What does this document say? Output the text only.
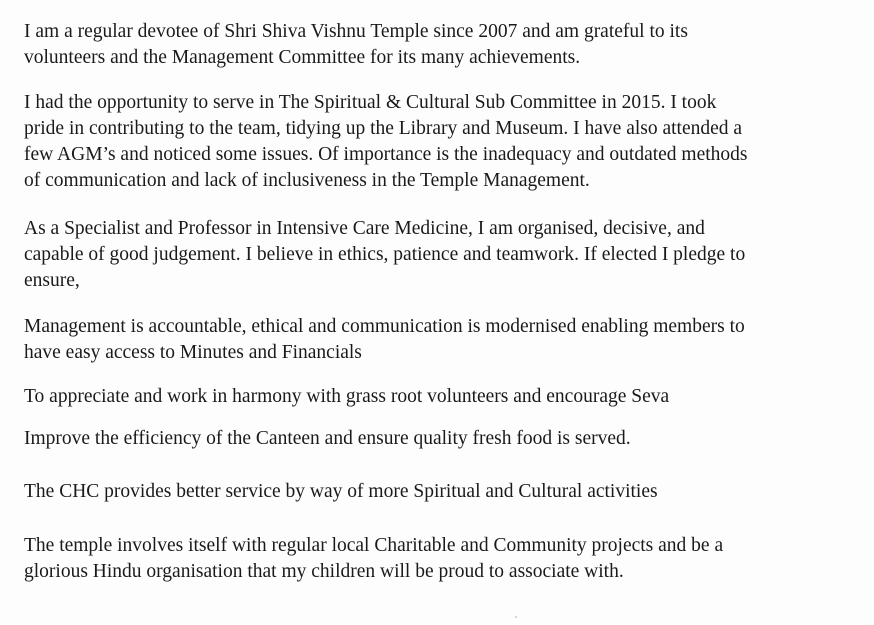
I am a regular devotee of Shri Shiva Vishnu Temple since 2007 and am grateful to its
volunteers and the Management Committee for its many achievements.

I had the opportunity to serve in The Spiritual & Cultural Sub Committee in 2015. I took
pride in contributing to the team, tidying up the Library and Museum. I have also attended a
few AGM’s and noticed some issues. Of importance is the inadequacy and outdated methods
of communication and lack of inclusiveness in the Temple Management.

As a Specialist and Professor in Intensive Care Medicine, I am organised, decisive, and
capable of good judgement. I believe in ethics, patience and teamwork. If elected I pledge to
ensure,

Management is accountable, ethical and communication is modernised enabling members to
have easy access to Minutes and Financials

To appreciate and work in harmony with grass root volunteers and encourage Seva

Improve the efficiency of the Canteen and ensure quality fresh food is served.

The CHC provides better service by way of more Spiritual and Cultural activities

The temple involves itself with regular local Charitable and Community projects and be a
glorious Hindu organisation that my children will be proud to associate with.
